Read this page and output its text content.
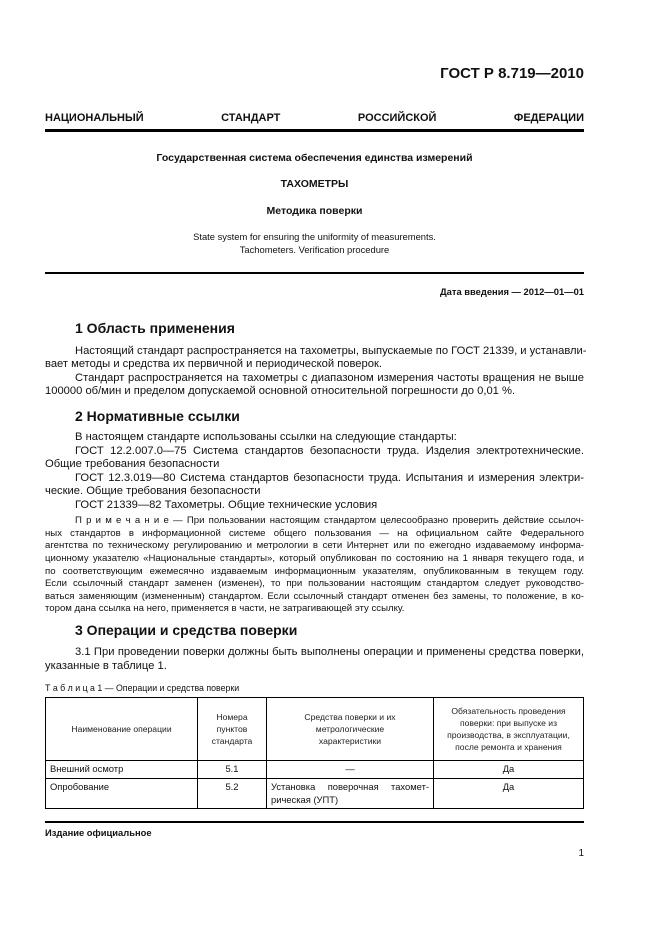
ГОСТ Р 8.719—2010
НАЦИОНАЛЬНЫЙ СТАНДАРТ РОССИЙСКОЙ ФЕДЕРАЦИИ
Государственная система обеспечения единства измерений
ТАХОМЕТРЫ
Методика поверки
State system for ensuring the uniformity of measurements.
Tachometers. Verification procedure
Дата введения — 2012—01—01
1 Область применения
Настоящий стандарт распространяется на тахометры, выпускаемые по ГОСТ 21339, и устанавли-
вает методы и средства их первичной и периодической поверок.
Стандарт распространяется на тахометры с диапазоном измерения частоты вращения не выше
100000 об/мин и пределом допускаемой основной относительной погрешности до 0,01 %.
2 Нормативные ссылки
В настоящем стандарте использованы ссылки на следующие стандарты:
ГОСТ 12.2.007.0—75 Система стандартов безопасности труда. Изделия электротехнические.
Общие требования безопасности
ГОСТ 12.3.019—80 Система стандартов безопасности труда. Испытания и измерения электри-
ческие. Общие требования безопасности
ГОСТ 21339—82 Тахометры. Общие технические условия
П р и м е ч а н и е — При пользовании настоящим стандартом целесообразно проверить действие ссылоч-
ных стандартов в информационной системе общего пользования — на официальном сайте Федерального
агентства по техническому регулированию и метрологии в сети Интернет или по ежегодно издаваемому информа-
ционному указателю «Национальные стандарты», который опубликован по состоянию на 1 января текущего года, и
по соответствующим ежемесячно издаваемым информационным указателям, опубликованным в текущем году.
Если ссылочный стандарт заменен (изменен), то при пользовании настоящим стандартом следует руководство-
ваться заменяющим (измененным) стандартом. Если ссылочный стандарт отменен без замены, то положение, в ко-
тором дана ссылка на него, применяется в части, не затрагивающей эту ссылку.
3 Операции и средства поверки
3.1 При проведении поверки должны быть выполнены операции и применены средства поверки,
указанные в таблице 1.
Т а б л и ц а 1 — Операции и средства поверки
Наименование операции	Номера пунктов стандарта	Средства поверки и их метрологические характеристики	Обязательность проведения поверки: при выпуске из производства, в эксплуатации, после ремонта и хранения
Внешний осмотр	5.1	—	Да
Опробование	5.2	Установка поверочная тахометрическая (УПТ)	Да
Издание официальное
1
